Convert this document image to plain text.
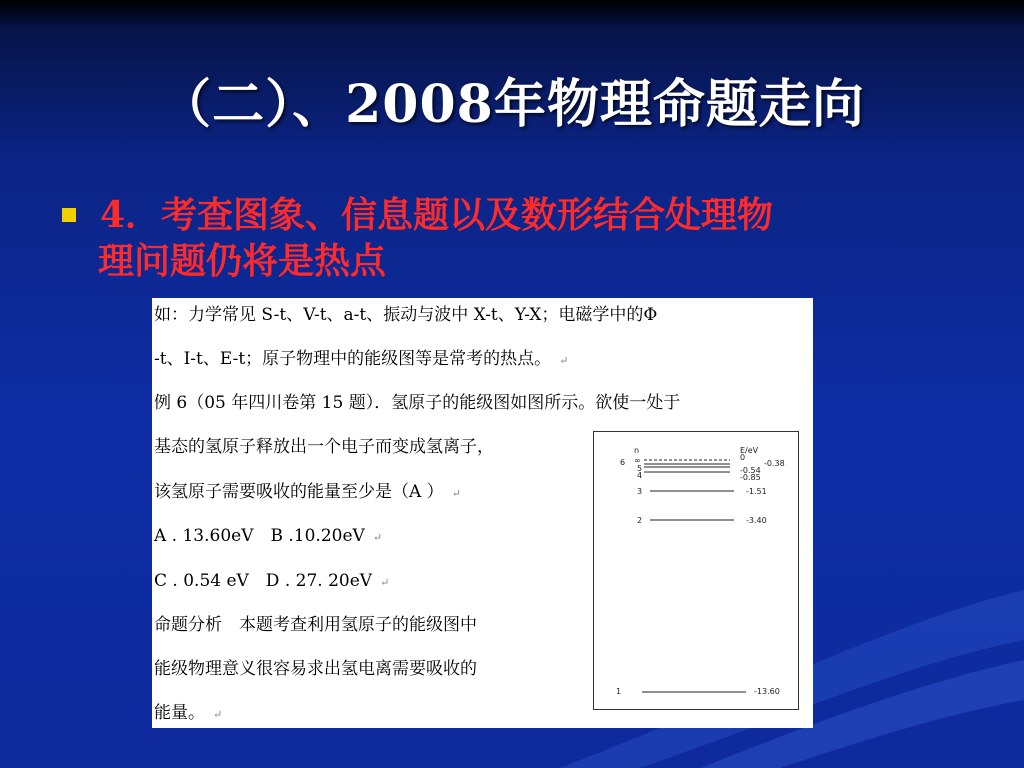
（二）、2008年物理命题走向
4．考查图象、信息题以及数形结合处理物
理问题仍将是热点
如：力学常见 S-t、V-t、a-t、振动与波中 X-t、Y-X；电磁学中的Φ
-t、I-t、E-t；原子物理中的能级图等是常考的热点。 ↵
例 6（05 年四川卷第 15 题）．氢原子的能级图如图所示。欲使一处于
基态的氢原子释放出一个电子而变成氢离子，
该氢原子需要吸收的能量至少是（A ） ↵
A . 13.60eV　B .10.20eV ↵
C . 0.54 eV　D . 27. 20eV ↵
命题分析　本题考查利用氢原子的能级图中
能级物理意义很容易求出氢电离需要吸收的
能量。 ↵
n	E/eV
∞	0
6	-0.38
5	-0.54
4	-0.85
3	-1.51
2	-3.40
1	-13.60
